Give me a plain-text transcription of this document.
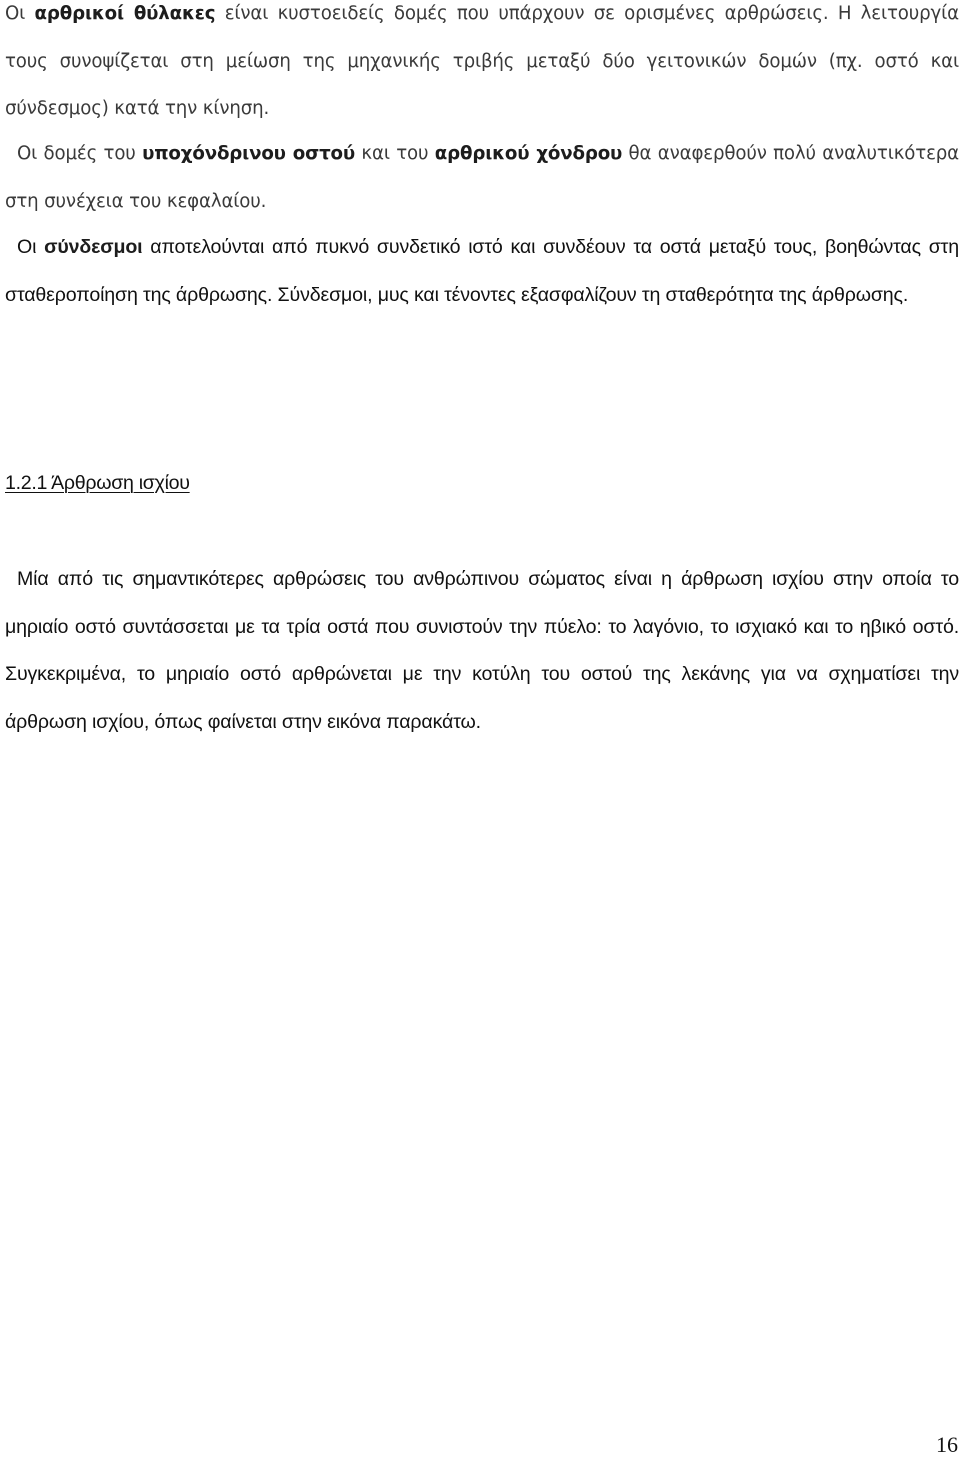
Οι αρθρικοί θύλακες είναι κυστοειδείς δομές που υπάρχουν σε ορισμένες αρθρώσεις. Η λειτουργία τους συνοψίζεται στη μείωση της μηχανικής τριβής μεταξύ δύο γειτονικών δομών (πχ. οστό και σύνδεσμος) κατά την κίνηση.

Οι δομές του υποχόνδρινου οστού και του αρθρικού χόνδρου θα αναφερθούν πολύ αναλυτικότερα στη συνέχεια του κεφαλαίου.

Οι σύνδεσμοι αποτελούνται από πυκνό συνδετικό ιστό και συνδέουν τα οστά μεταξύ τους, βοηθώντας στη σταθεροποίηση της άρθρωσης. Σύνδεσμοι, μυς και τένοντες εξασφαλίζουν τη σταθερότητα της άρθρωσης.

1.2.1 Άρθρωση ισχίου

Μία από τις σημαντικότερες αρθρώσεις του ανθρώπινου σώματος είναι η άρθρωση ισχίου στην οποία το μηριαίο οστό συντάσσεται με τα τρία οστά που συνιστούν την πύελο: το λαγόνιο, το ισχιακό και το ηβικό οστό. Συγκεκριμένα, το μηριαίο οστό αρθρώνεται με την κοτύλη του οστού της λεκάνης για να σχηματίσει την άρθρωση ισχίου, όπως φαίνεται στην εικόνα παρακάτω.

16
